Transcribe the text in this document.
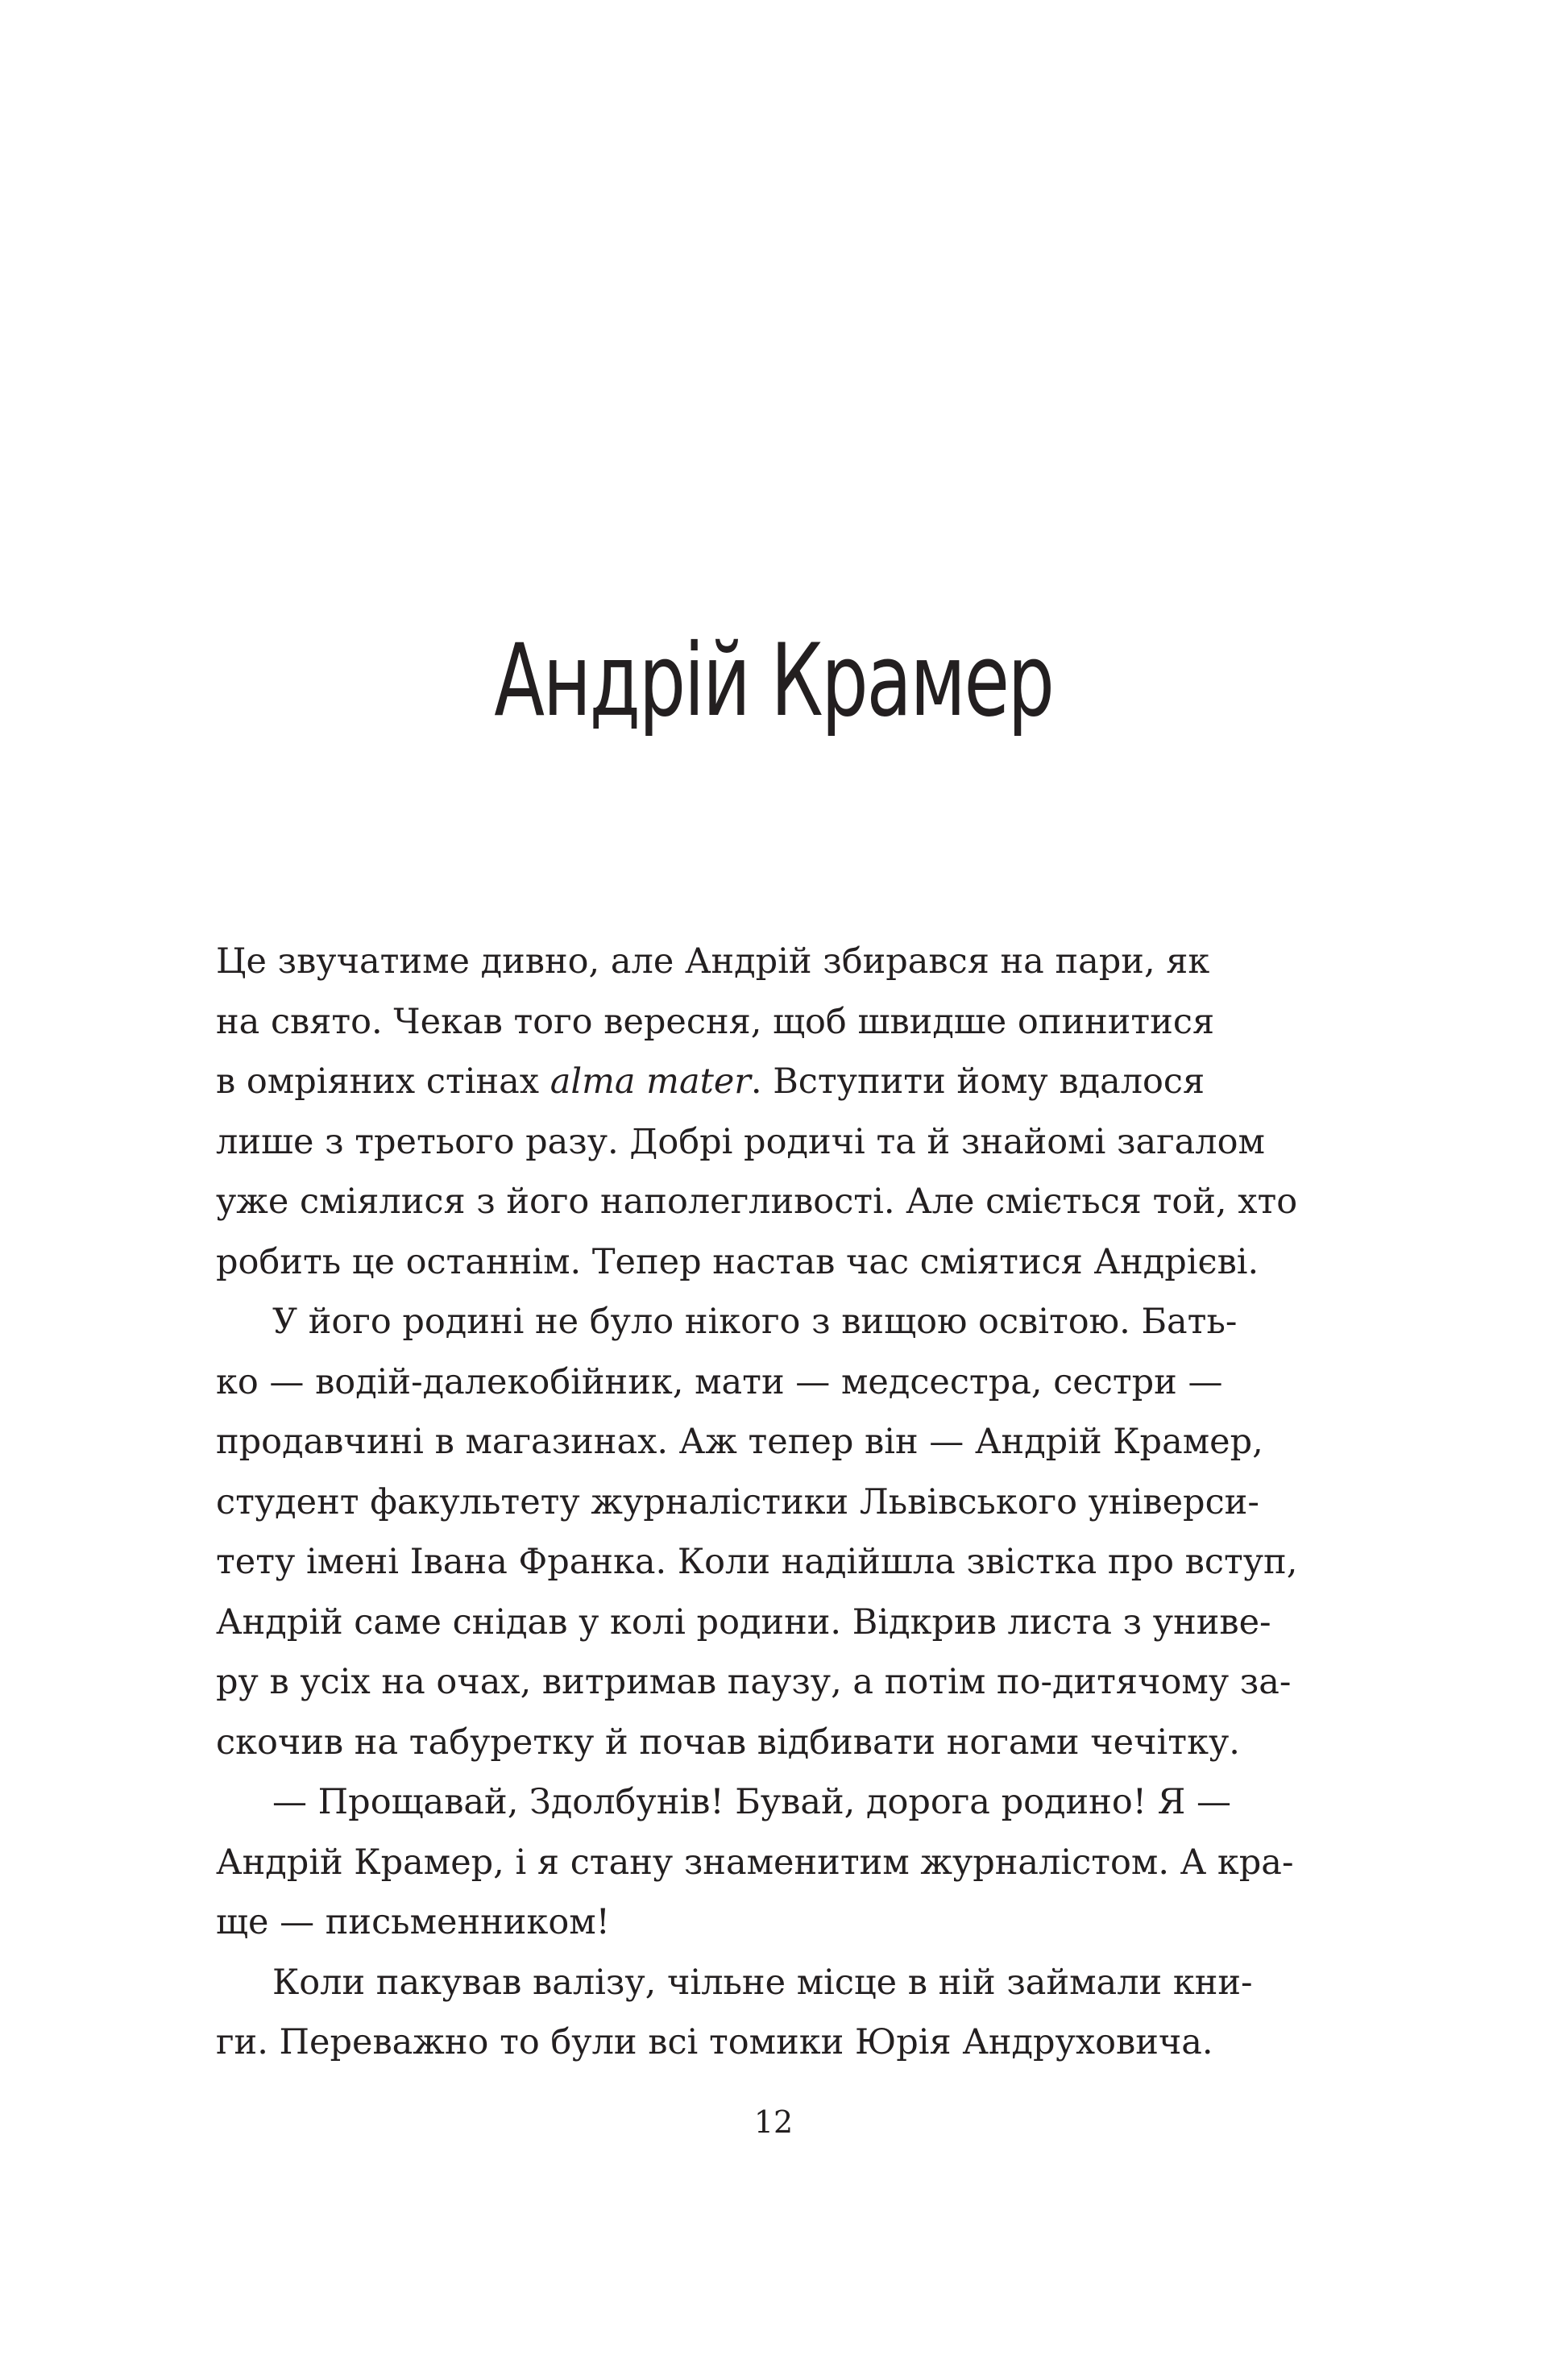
Андрій Крамер
Це звучатиме дивно, але Андрій збирався на пари, як
на свято. Чекав того вересня, щоб швидше опинитися
в омріяних стінах alma mater. Вступити йому вдалося
лише з третього разу. Добрі родичі та й знайомі загалом
уже сміялися з його наполегливості. Але сміється той, хто
робить це останнім. Тепер настав час сміятися Андрієві.
У його родині не було нікого з вищою освітою. Бать-
ко — водій-далекобійник, мати — медсестра, сестри —
продавчині в магазинах. Аж тепер він — Андрій Крамер,
студент факультету журналістики Львівського універси-
тету імені Івана Франка. Коли надійшла звістка про вступ,
Андрій саме снідав у колі родини. Відкрив листа з униве-
ру в усіх на очах, витримав паузу, а потім по-дитячому за-
скочив на табуретку й почав відбивати ногами чечітку.
— Прощавай, Здолбунів! Бувай, дорога родино! Я —
Андрій Крамер, і я стану знаменитим журналістом. А кра-
ще — письменником!
Коли пакував валізу, чільне місце в ній займали кни-
ги. Переважно то були всі томики Юрія Андруховича.
12
